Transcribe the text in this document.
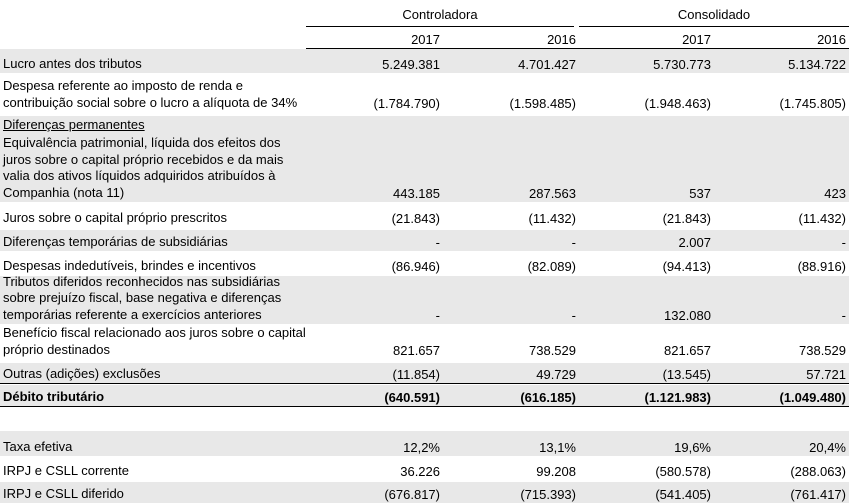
Controladora	Consolidado
2017	2016	2017	2016
Lucro antes dos tributos	5.249.381	4.701.427	5.730.773	5.134.722
Despesa referente ao imposto de renda e contribuição social sobre o lucro a alíquota de 34%	(1.784.790)	(1.598.485)	(1.948.463)	(1.745.805)
Diferenças permanentes
Equivalência patrimonial, líquida dos efeitos dos juros sobre o capital próprio recebidos e da mais valia dos ativos líquidos adquiridos atribuídos à Companhia (nota 11)	443.185	287.563	537	423
Juros sobre o capital próprio prescritos	(21.843)	(11.432)	(21.843)	(11.432)
Diferenças temporárias de subsidiárias	-	-	2.007	-
Despesas indedutíveis, brindes e incentivos	(86.946)	(82.089)	(94.413)	(88.916)
Tributos diferidos reconhecidos nas subsidiárias sobre prejuízo fiscal, base negativa e diferenças temporárias referente a exercícios anteriores	-	-	132.080	-
Benefício fiscal relacionado aos juros sobre o capital próprio destinados	821.657	738.529	821.657	738.529
Outras (adições) exclusões	(11.854)	49.729	(13.545)	57.721
Débito tributário	(640.591)	(616.185)	(1.121.983)	(1.049.480)
Taxa efetiva	12,2%	13,1%	19,6%	20,4%
IRPJ e CSLL corrente	36.226	99.208	(580.578)	(288.063)
IRPJ e CSLL diferido	(676.817)	(715.393)	(541.405)	(761.417)
